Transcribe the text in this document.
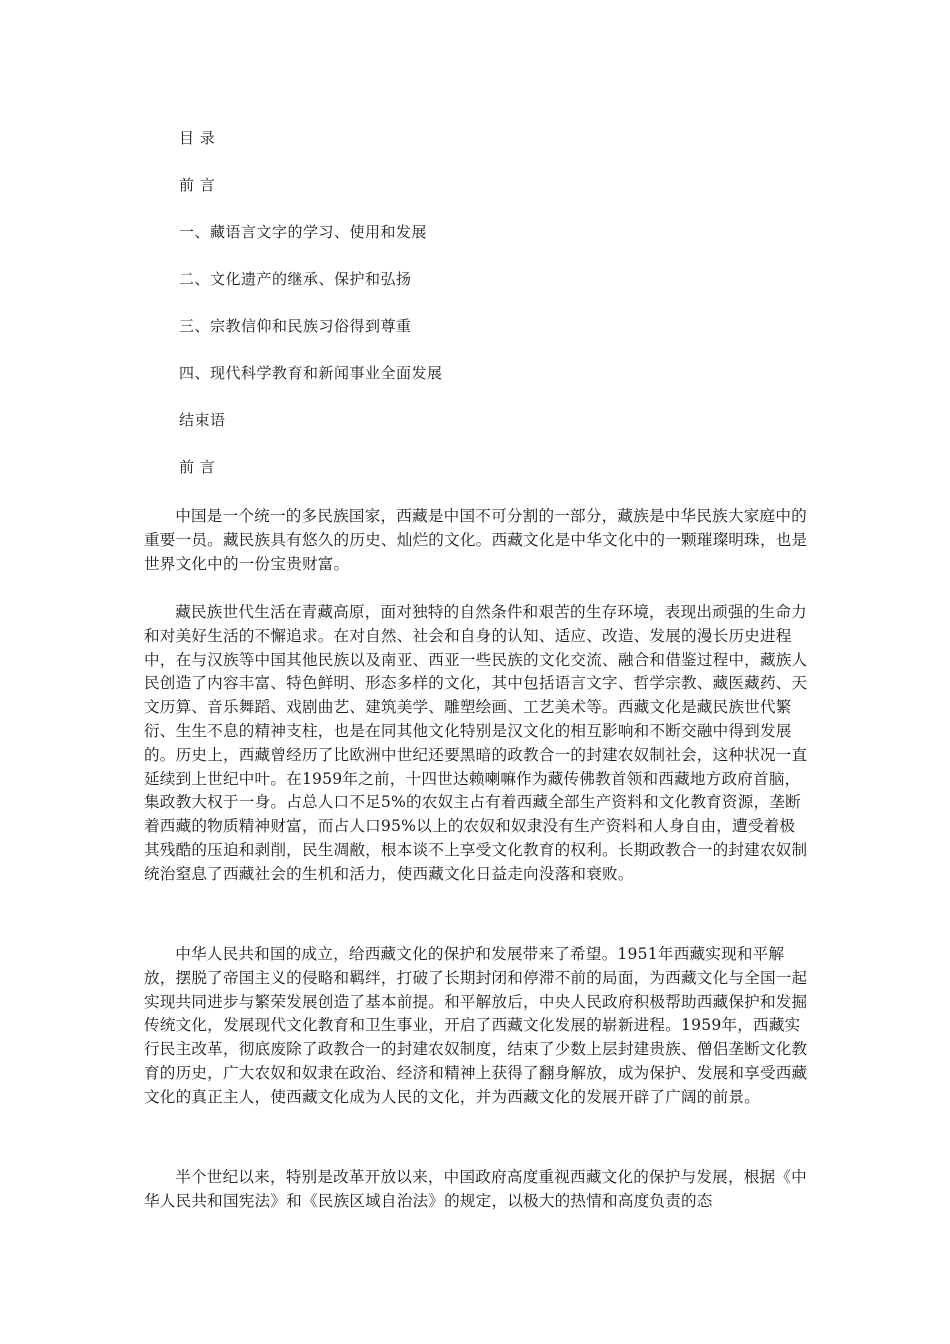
目 录
前 言
一、藏语言文字的学习、使用和发展
二、文化遗产的继承、保护和弘扬
三、宗教信仰和民族习俗得到尊重
四、现代科学教育和新闻事业全面发展
结束语
前 言

中国是一个统一的多民族国家，西藏是中国不可分割的一部分，藏族是中华民族大家庭中的重要一员。藏民族具有悠久的历史、灿烂的文化。西藏文化是中华文化中的一颗璀璨明珠，也是世界文化中的一份宝贵财富。

藏民族世代生活在青藏高原，面对独特的自然条件和艰苦的生存环境，表现出顽强的生命力和对美好生活的不懈追求。在对自然、社会和自身的认知、适应、改造、发展的漫长历史进程中，在与汉族等中国其他民族以及南亚、西亚一些民族的文化交流、融合和借鉴过程中，藏族人民创造了内容丰富、特色鲜明、形态多样的文化，其中包括语言文字、哲学宗教、藏医藏药、天文历算、音乐舞蹈、戏剧曲艺、建筑美学、雕塑绘画、工艺美术等。西藏文化是藏民族世代繁衍、生生不息的精神支柱，也是在同其他文化特别是汉文化的相互影响和不断交融中得到发展的。历史上，西藏曾经历了比欧洲中世纪还要黑暗的政教合一的封建农奴制社会，这种状况一直延续到上世纪中叶。在1959年之前，十四世达赖喇嘛作为藏传佛教首领和西藏地方政府首脑，集政教大权于一身。占总人口不足5%的农奴主占有着西藏全部生产资料和文化教育资源，垄断着西藏的物质精神财富，而占人口95%以上的农奴和奴隶没有生产资料和人身自由，遭受着极其残酷的压迫和剥削，民生凋敝，根本谈不上享受文化教育的权利。长期政教合一的封建农奴制统治窒息了西藏社会的生机和活力，使西藏文化日益走向没落和衰败。

中华人民共和国的成立，给西藏文化的保护和发展带来了希望。1951年西藏实现和平解放，摆脱了帝国主义的侵略和羁绊，打破了长期封闭和停滞不前的局面，为西藏文化与全国一起实现共同进步与繁荣发展创造了基本前提。和平解放后，中央人民政府积极帮助西藏保护和发掘传统文化，发展现代文化教育和卫生事业，开启了西藏文化发展的崭新进程。1959年，西藏实行民主改革，彻底废除了政教合一的封建农奴制度，结束了少数上层封建贵族、僧侣垄断文化教育的历史，广大农奴和奴隶在政治、经济和精神上获得了翻身解放，成为保护、发展和享受西藏文化的真正主人，使西藏文化成为人民的文化，并为西藏文化的发展开辟了广阔的前景。

半个世纪以来，特别是改革开放以来，中国政府高度重视西藏文化的保护与发展，根据《中华人民共和国宪法》和《民族区域自治法》的规定，以极大的热情和高度负责的态
